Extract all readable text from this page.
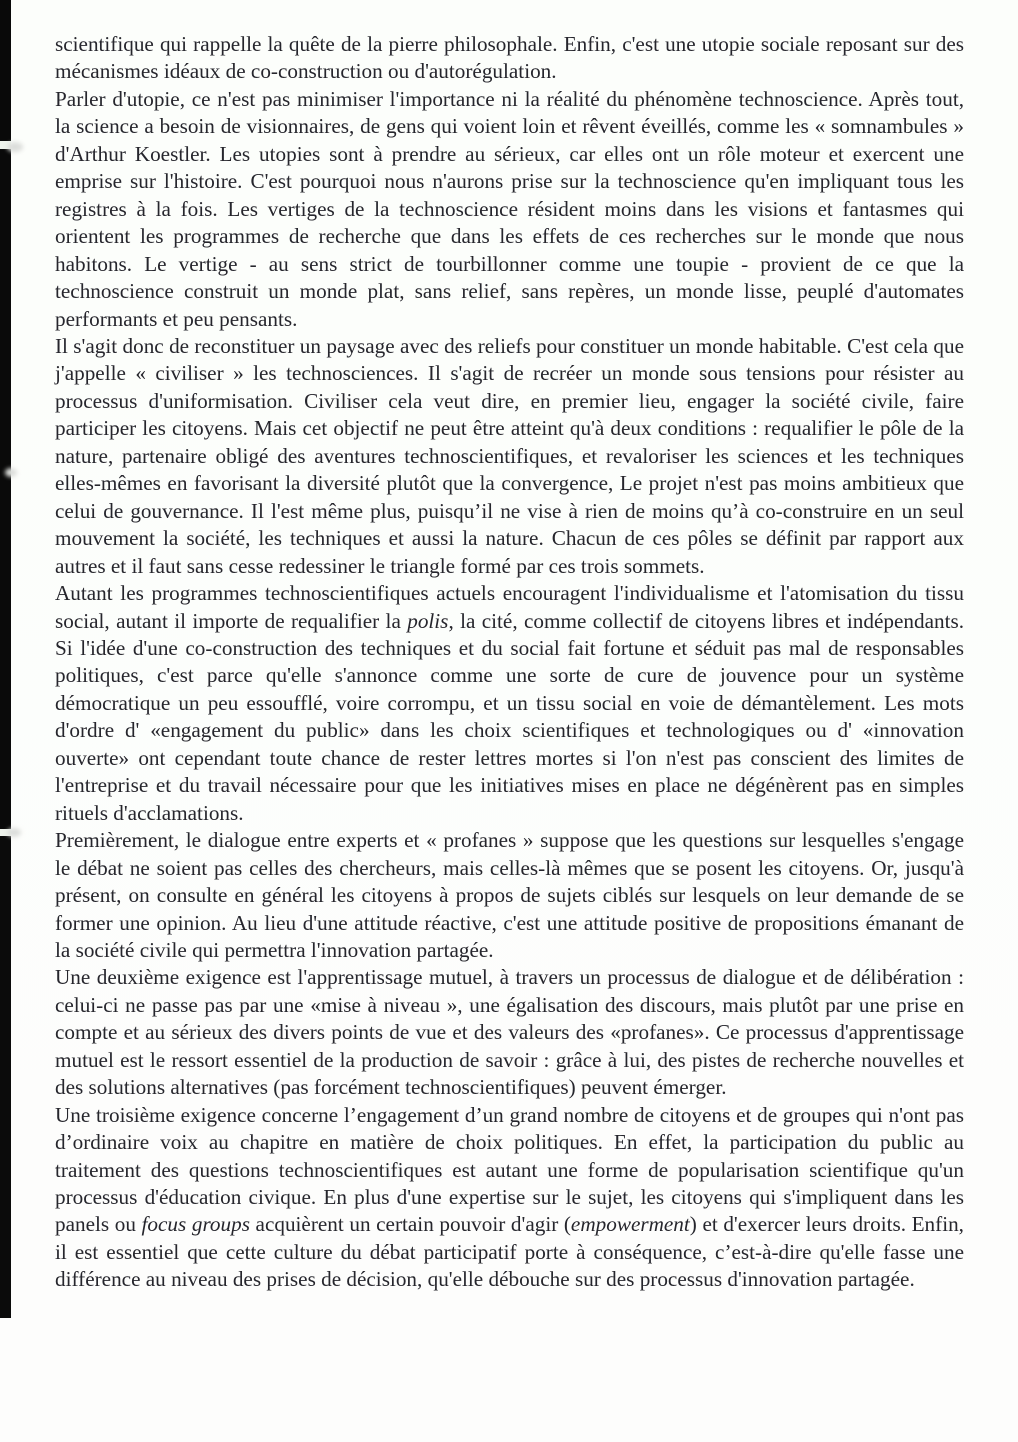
scientifique qui rappelle la quête de la pierre philosophale. Enfin, c'est une utopie sociale reposant sur des mécanismes idéaux de co-construction ou d'autorégulation.

Parler d'utopie, ce n'est pas minimiser l'importance ni la réalité du phénomène technoscience. Après tout, la science a besoin de visionnaires, de gens qui voient loin et rêvent éveillés, comme les « somnambules » d'Arthur Koestler. Les utopies sont à prendre au sérieux, car elles ont un rôle moteur et exercent une emprise sur l'histoire. C'est pourquoi nous n'aurons prise sur la technoscience qu'en impliquant tous les registres à la fois. Les vertiges de la technoscience résident moins dans les visions et fantasmes qui orientent les programmes de recherche que dans les effets de ces recherches sur le monde que nous habitons. Le vertige - au sens strict de tourbillonner comme une toupie - provient de ce que la technoscience construit un monde plat, sans relief, sans repères, un monde lisse, peuplé d'automates performants et peu pensants.

Il s'agit donc de reconstituer un paysage avec des reliefs pour constituer un monde habitable. C'est cela que j'appelle « civiliser » les technosciences. Il s'agit de recréer un monde sous tensions pour résister au processus d'uniformisation. Civiliser cela veut dire, en premier lieu, engager la société civile, faire participer les citoyens. Mais cet objectif ne peut être atteint qu'à deux conditions : requalifier le pôle de la nature, partenaire obligé des aventures technoscientifiques, et revaloriser les sciences et les techniques elles-mêmes en favorisant la diversité plutôt que la convergence, Le projet n'est pas moins ambitieux que celui de gouvernance. Il l'est même plus, puisqu’il ne vise à rien de moins qu’à co-construire en un seul mouvement la société, les techniques et aussi la nature. Chacun de ces pôles se définit par rapport aux autres et il faut sans cesse redessiner le triangle formé par ces trois sommets.

Autant les programmes technoscientifiques actuels encouragent l'individualisme et l'atomisation du tissu social, autant il importe de requalifier la polis, la cité, comme collectif de citoyens libres et indépendants. Si l'idée d'une co-construction des techniques et du social fait fortune et séduit pas mal de responsables politiques, c'est parce qu'elle s'annonce comme une sorte de cure de jouvence pour un système démocratique un peu essoufflé, voire corrompu, et un tissu social en voie de démantèlement. Les mots d'ordre d' «engagement du public» dans les choix scientifiques et technologiques ou d' «innovation ouverte» ont cependant toute chance de rester lettres mortes si l'on n'est pas conscient des limites de l'entreprise et du travail nécessaire pour que les initiatives mises en place ne dégénèrent pas en simples rituels d'acclamations.

Premièrement, le dialogue entre experts et « profanes » suppose que les questions sur lesquelles s'engage le débat ne soient pas celles des chercheurs, mais celles-là mêmes que se posent les citoyens. Or, jusqu'à présent, on consulte en général les citoyens à propos de sujets ciblés sur lesquels on leur demande de se former une opinion. Au lieu d'une attitude réactive, c'est une attitude positive de propositions émanant de la société civile qui permettra l'innovation partagée.

Une deuxième exigence est l'apprentissage mutuel, à travers un processus de dialogue et de délibération : celui-ci ne passe pas par une «mise à niveau », une égalisation des discours, mais plutôt par une prise en compte et au sérieux des divers points de vue et des valeurs des «profanes». Ce processus d'apprentissage mutuel est le ressort essentiel de la production de savoir : grâce à lui, des pistes de recherche nouvelles et des solutions alternatives (pas forcément technoscientifiques) peuvent émerger.

Une troisième exigence concerne l’engagement d’un grand nombre de citoyens et de groupes qui n'ont pas d’ordinaire voix au chapitre en matière de choix politiques. En effet, la participation du public au traitement des questions technoscientifiques est autant une forme de popularisation scientifique qu'un processus d'éducation civique. En plus d'une expertise sur le sujet, les citoyens qui s'impliquent dans les panels ou focus groups acquièrent un certain pouvoir d'agir (empowerment) et d'exercer leurs droits. Enfin, il est essentiel que cette culture du débat participatif porte à conséquence, c’est-à-dire qu'elle fasse une différence au niveau des prises de décision, qu'elle débouche sur des processus d'innovation partagée.
